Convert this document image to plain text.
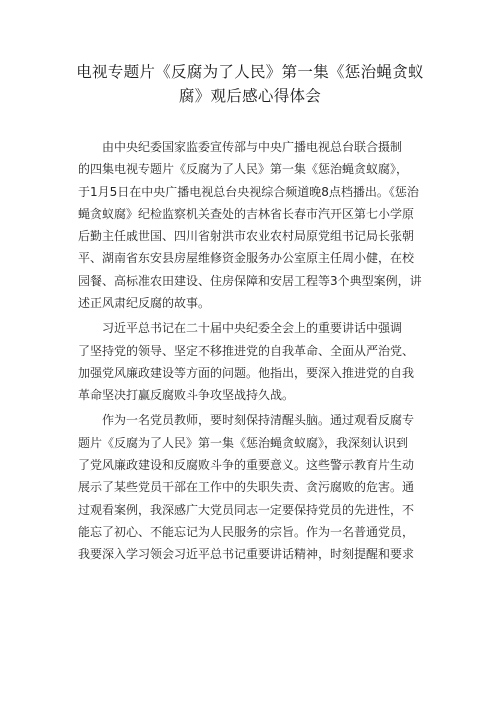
电视专题片《反腐为了人民》第一集《惩治蝇贪蚁
腐》观后感心得体会
由中央纪委国家监委宣传部与中央广播电视总台联合摄制
的四集电视专题片《反腐为了人民》第一集《惩治蝇贪蚁腐》，
于1月5日在中央广播电视总台央视综合频道晚8点档播出。《惩治
蝇贪蚁腐》纪检监察机关查处的吉林省长春市汽开区第七小学原
后勤主任戚世国、四川省射洪市农业农村局原党组书记局长张朝
平、湖南省东安县房屋维修资金服务办公室原主任周小健，在校
园餐、高标准农田建设、住房保障和安居工程等3个典型案例，讲
述正风肃纪反腐的故事。
习近平总书记在二十届中央纪委全会上的重要讲话中强调
了坚持党的领导、坚定不移推进党的自我革命、全面从严治党、
加强党风廉政建设等方面的问题。他指出，要深入推进党的自我
革命坚决打赢反腐败斗争攻坚战持久战。
作为一名党员教师，要时刻保持清醒头脑。通过观看反腐专
题片《反腐为了人民》第一集《惩治蝇贪蚁腐》，我深刻认识到
了党风廉政建设和反腐败斗争的重要意义。这些警示教育片生动
展示了某些党员干部在工作中的失职失责、贪污腐败的危害。通
过观看案例，我深感广大党员同志一定要保持党员的先进性，不
能忘了初心、不能忘记为人民服务的宗旨。作为一名普通党员，
我要深入学习领会习近平总书记重要讲话精神，时刻提醒和要求
